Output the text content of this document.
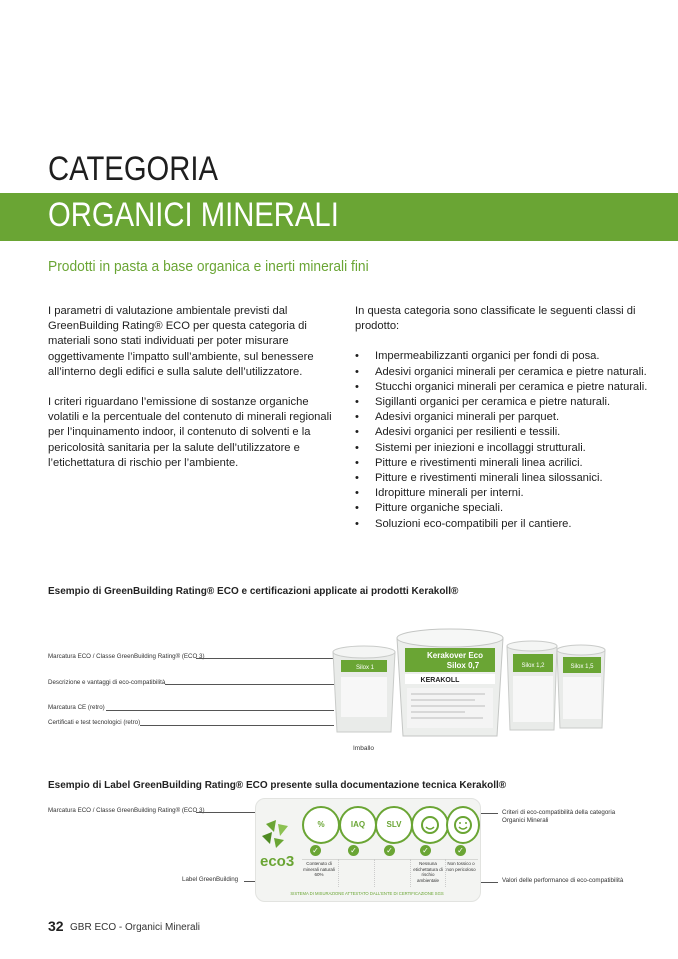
CATEGORIA
ORGANICI MINERALI
Prodotti in pasta a base organica e inerti minerali fini

I parametri di valutazione ambientale previsti dal GreenBuilding Rating® ECO per questa categoria di materiali sono stati individuati per poter misurare oggettivamente l’impatto sull’ambiente, sul benessere all’interno degli edifici e sulla salute dell’utilizzatore.

I criteri riguardano l’emissione di sostanze organiche volatili e la percentuale del contenuto di minerali regionali per l’inquinamento indoor, il contenuto di solventi e la pericolosità sanitaria per la salute dell’utilizzatore e l’etichettatura di rischio per l’ambiente.

In questa categoria sono classificate le seguenti classi di prodotto:

• Impermeabilizzanti organici per fondi di posa.
• Adesivi organici minerali per ceramica e pietre naturali.
• Stucchi organici minerali per ceramica e pietre naturali.
• Sigillanti organici per ceramica e pietre naturali.
• Adesivi organici minerali per parquet.
• Adesivi organici per resilienti e tessili.
• Sistemi per iniezioni e incollaggi strutturali.
• Pitture e rivestimenti minerali linea acrilici.
• Pitture e rivestimenti minerali linea silossanici.
• Idropitture minerali per interni.
• Pitture organiche speciali.
• Soluzioni eco-compatibili per il cantiere.
Esempio di GreenBuilding Rating® ECO e certificazioni applicate ai prodotti Kerakoll®
Marcatura ECO / Classe GreenBuilding Rating® (ECO 3)
Descrizione e vantaggi di eco-compatibilità
Marcatura CE (retro)
Certificati e test tecnologici (retro)
Silox 1	Silox 1,2	Silox 1,5
Kerakover Eco
Silox 0,7
KERAKOLL
Imballo
Esempio di Label GreenBuilding Rating® ECO presente sulla documentazione tecnica Kerakoll®
Marcatura ECO / Classe GreenBuilding Rating® (ECO 3)
Label GreenBuilding
Criteri di eco-compatibilità della categoria Organici Minerali
Valori delle performance di eco-compatibilità
eco3
%	IAQ	SLV
✓	✓	✓	✓	✓
Contenuto di minerali naturali 60%
Nessuna etichettatura di rischio ambientale
Non tossico o non pericoloso
SISTEMA DI MISURAZIONE ATTESTATO DALL'ENTE DI CERTIFICAZIONE SGS
32 GBR ECO - Organici Minerali
